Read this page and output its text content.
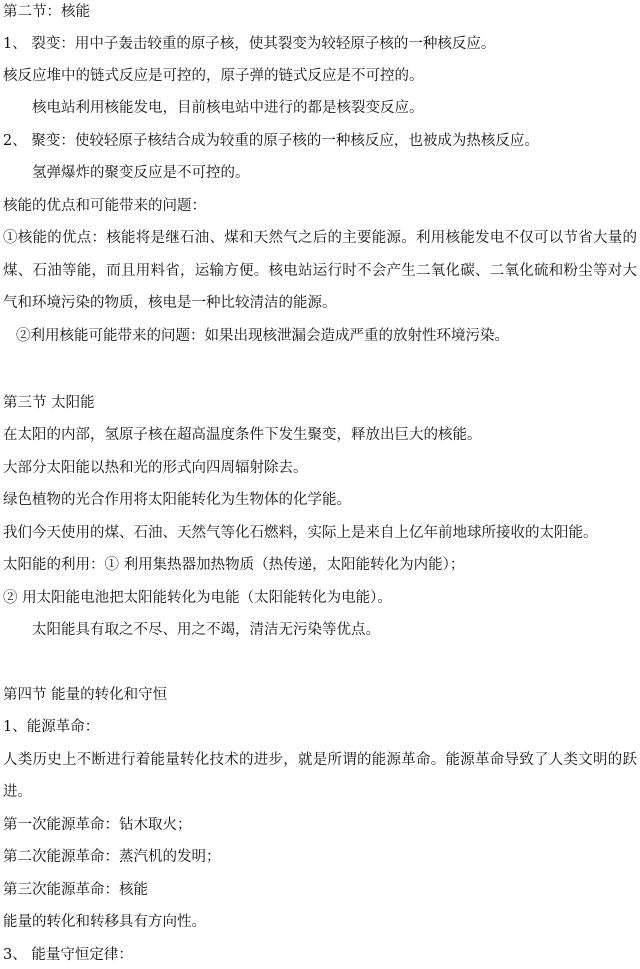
第二节：核能
1、 裂变：用中子轰击较重的原子核，使其裂变为较轻原子核的一种核反应。
核反应堆中的链式反应是可控的，原子弹的链式反应是不可控的。
核电站利用核能发电，目前核电站中进行的都是核裂变反应。
2、 聚变：使较轻原子核结合成为较重的原子核的一种核反应，也被成为热核反应。
氢弹爆炸的聚变反应是不可控的。
核能的优点和可能带来的问题：
①核能的优点：核能将是继石油、煤和天然气之后的主要能源。利用核能发电不仅可以节省大量的
煤、石油等能，而且用料省，运输方便。核电站运行时不会产生二氧化碳、二氧化硫和粉尘等对大
气和环境污染的物质，核电是一种比较清洁的能源。
②利用核能可能带来的问题：如果出现核泄漏会造成严重的放射性环境污染。
第三节 太阳能
在太阳的内部，氢原子核在超高温度条件下发生聚变，释放出巨大的核能。
大部分太阳能以热和光的形式向四周辐射除去。
绿色植物的光合作用将太阳能转化为生物体的化学能。
我们今天使用的煤、石油、天然气等化石燃料，实际上是来自上亿年前地球所接收的太阳能。
太阳能的利用：① 利用集热器加热物质（热传递，太阳能转化为内能）；
② 用太阳能电池把太阳能转化为电能（太阳能转化为电能）。
太阳能具有取之不尽、用之不竭，清洁无污染等优点。
第四节 能量的转化和守恒
1、能源革命：
人类历史上不断进行着能量转化技术的进步，就是所谓的能源革命。能源革命导致了人类文明的跃
进。
第一次能源革命：钻木取火；
第二次能源革命：蒸汽机的发明；
第三次能源革命：核能
能量的转化和转移具有方向性。
3、 能量守恒定律：
